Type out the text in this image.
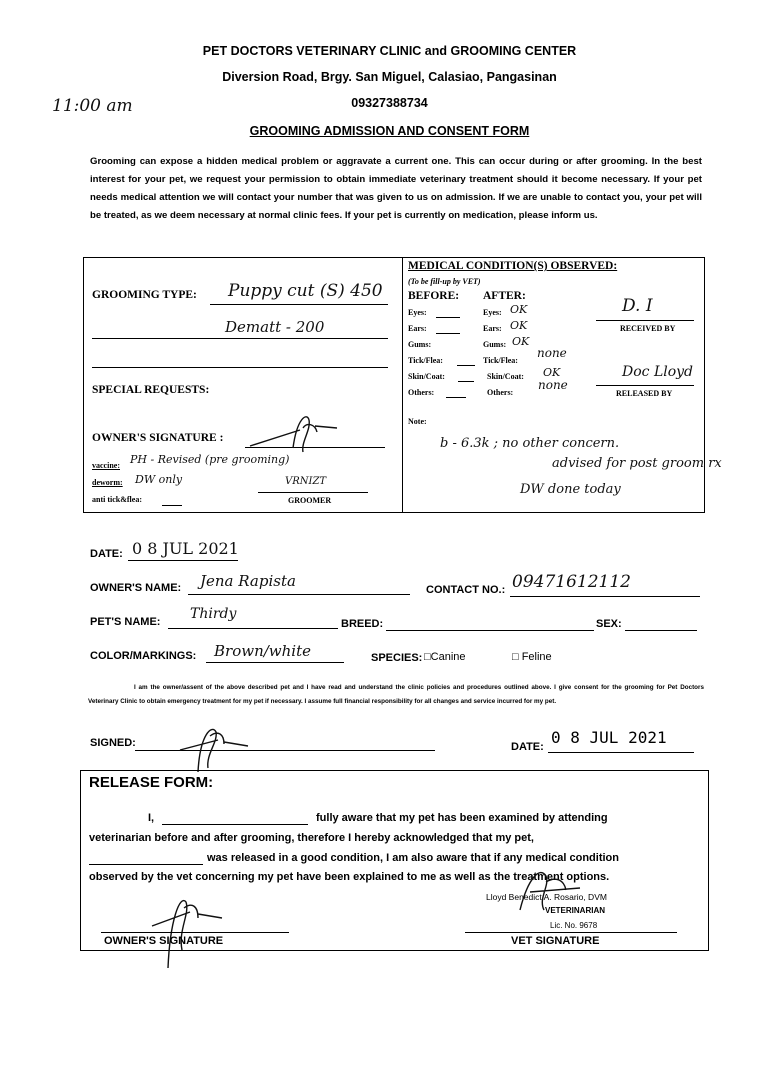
PET DOCTORS VETERINARY CLINIC and GROOMING CENTER
Diversion Road, Brgy. San Miguel, Calasiao, Pangasinan
09327388734
GROOMING ADMISSION AND CONSENT FORM
11:00 am
Grooming can expose a hidden medical problem or aggravate a current one. This can occur during or after grooming. In the best interest for your pet, we request your permission to obtain immediate veterinary treatment should it become necessary. If your pet needs medical attention we will contact your number that was given to us on admission. If we are unable to contact you, your pet will be treated, as we deem necessary at normal clinic fees. If your pet is currently on medication, please inform us.
GROOMING TYPE: Puppy cut (S) 450
Dematt - 200
SPECIAL REQUESTS:
OWNER'S SIGNATURE :
vaccine: PH - Revised (pre grooming)
deworm: DW only	VRNIZT
anti tick&flea:	GROOMER
MEDICAL CONDITION(S) OBSERVED:
(To be fill-up by VET)
BEFORE: AFTER:
Eyes:	Eyes: OK
Ears:	Ears: OK
Gums:	Gums: OK
Tick/Flea:	Tick/Flea:
none
Skin/Coat:	Skin/Coat: OK
Others:	Others:
none
D. I
RECEIVED BY
Doc Lloyd
RELEASED BY
Note:
b - 6.3k ; no other concern.
advised for post groom rx
DW done today
DATE: 0 8 JUL 2021
OWNER'S NAME: Jena Rapista	CONTACT NO.: 09471612112
PET'S NAME: Thirdy
BREED:	SEX:
COLOR/MARKINGS: Brown/white	SPECIES: □Canine	□ Feline
I am the owner/assent of the above described pet and I have read and understand the clinic policies and procedures outlined above. I give consent for the grooming for Pet Doctors Veterinary Clinic to obtain emergency treatment for my pet if necessary. I assume full financial responsibility for all changes and service incurred for my pet.
SIGNED:	DATE: 0 8 JUL 2021
RELEASE FORM:
I,	fully aware that my pet has been examined by attending
veterinarian before and after grooming, therefore I hereby acknowledged that my pet,
was released in a good condition, I am also aware that if any medical condition
observed by the vet concerning my pet have been explained to me as well as the treatment options.
OWNER'S SIGNATURE
Lloyd Benedict A. Rosario, DVM
VETERINARIAN
Lic. No. 9678
VET SIGNATURE
